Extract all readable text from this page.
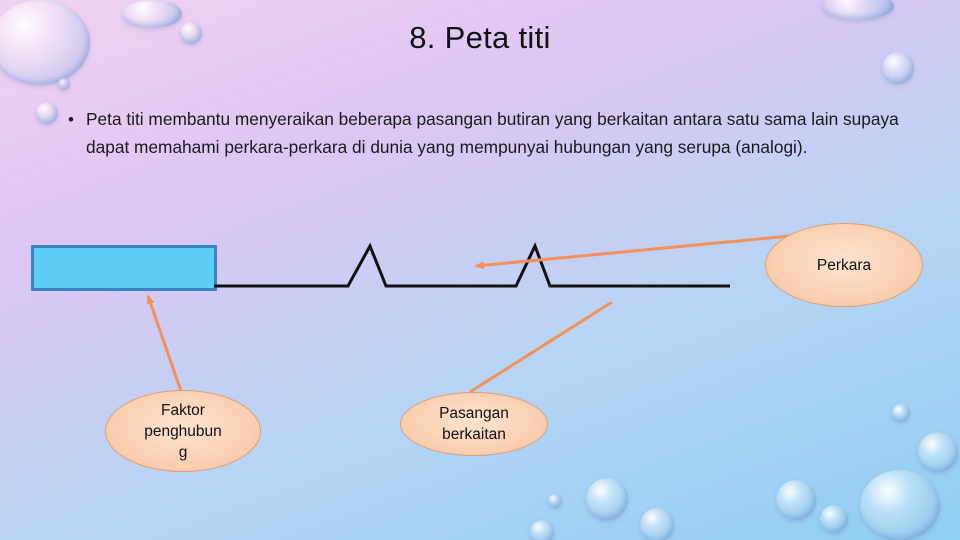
8. Peta titi
• Peta titi membantu menyeraikan beberapa pasangan butiran yang berkaitan antara satu sama lain supaya dapat memahami perkara-perkara di dunia yang mempunyai hubungan yang serupa (analogi).
Perkara
Faktor
penghubun
g
Pasangan
berkaitan
